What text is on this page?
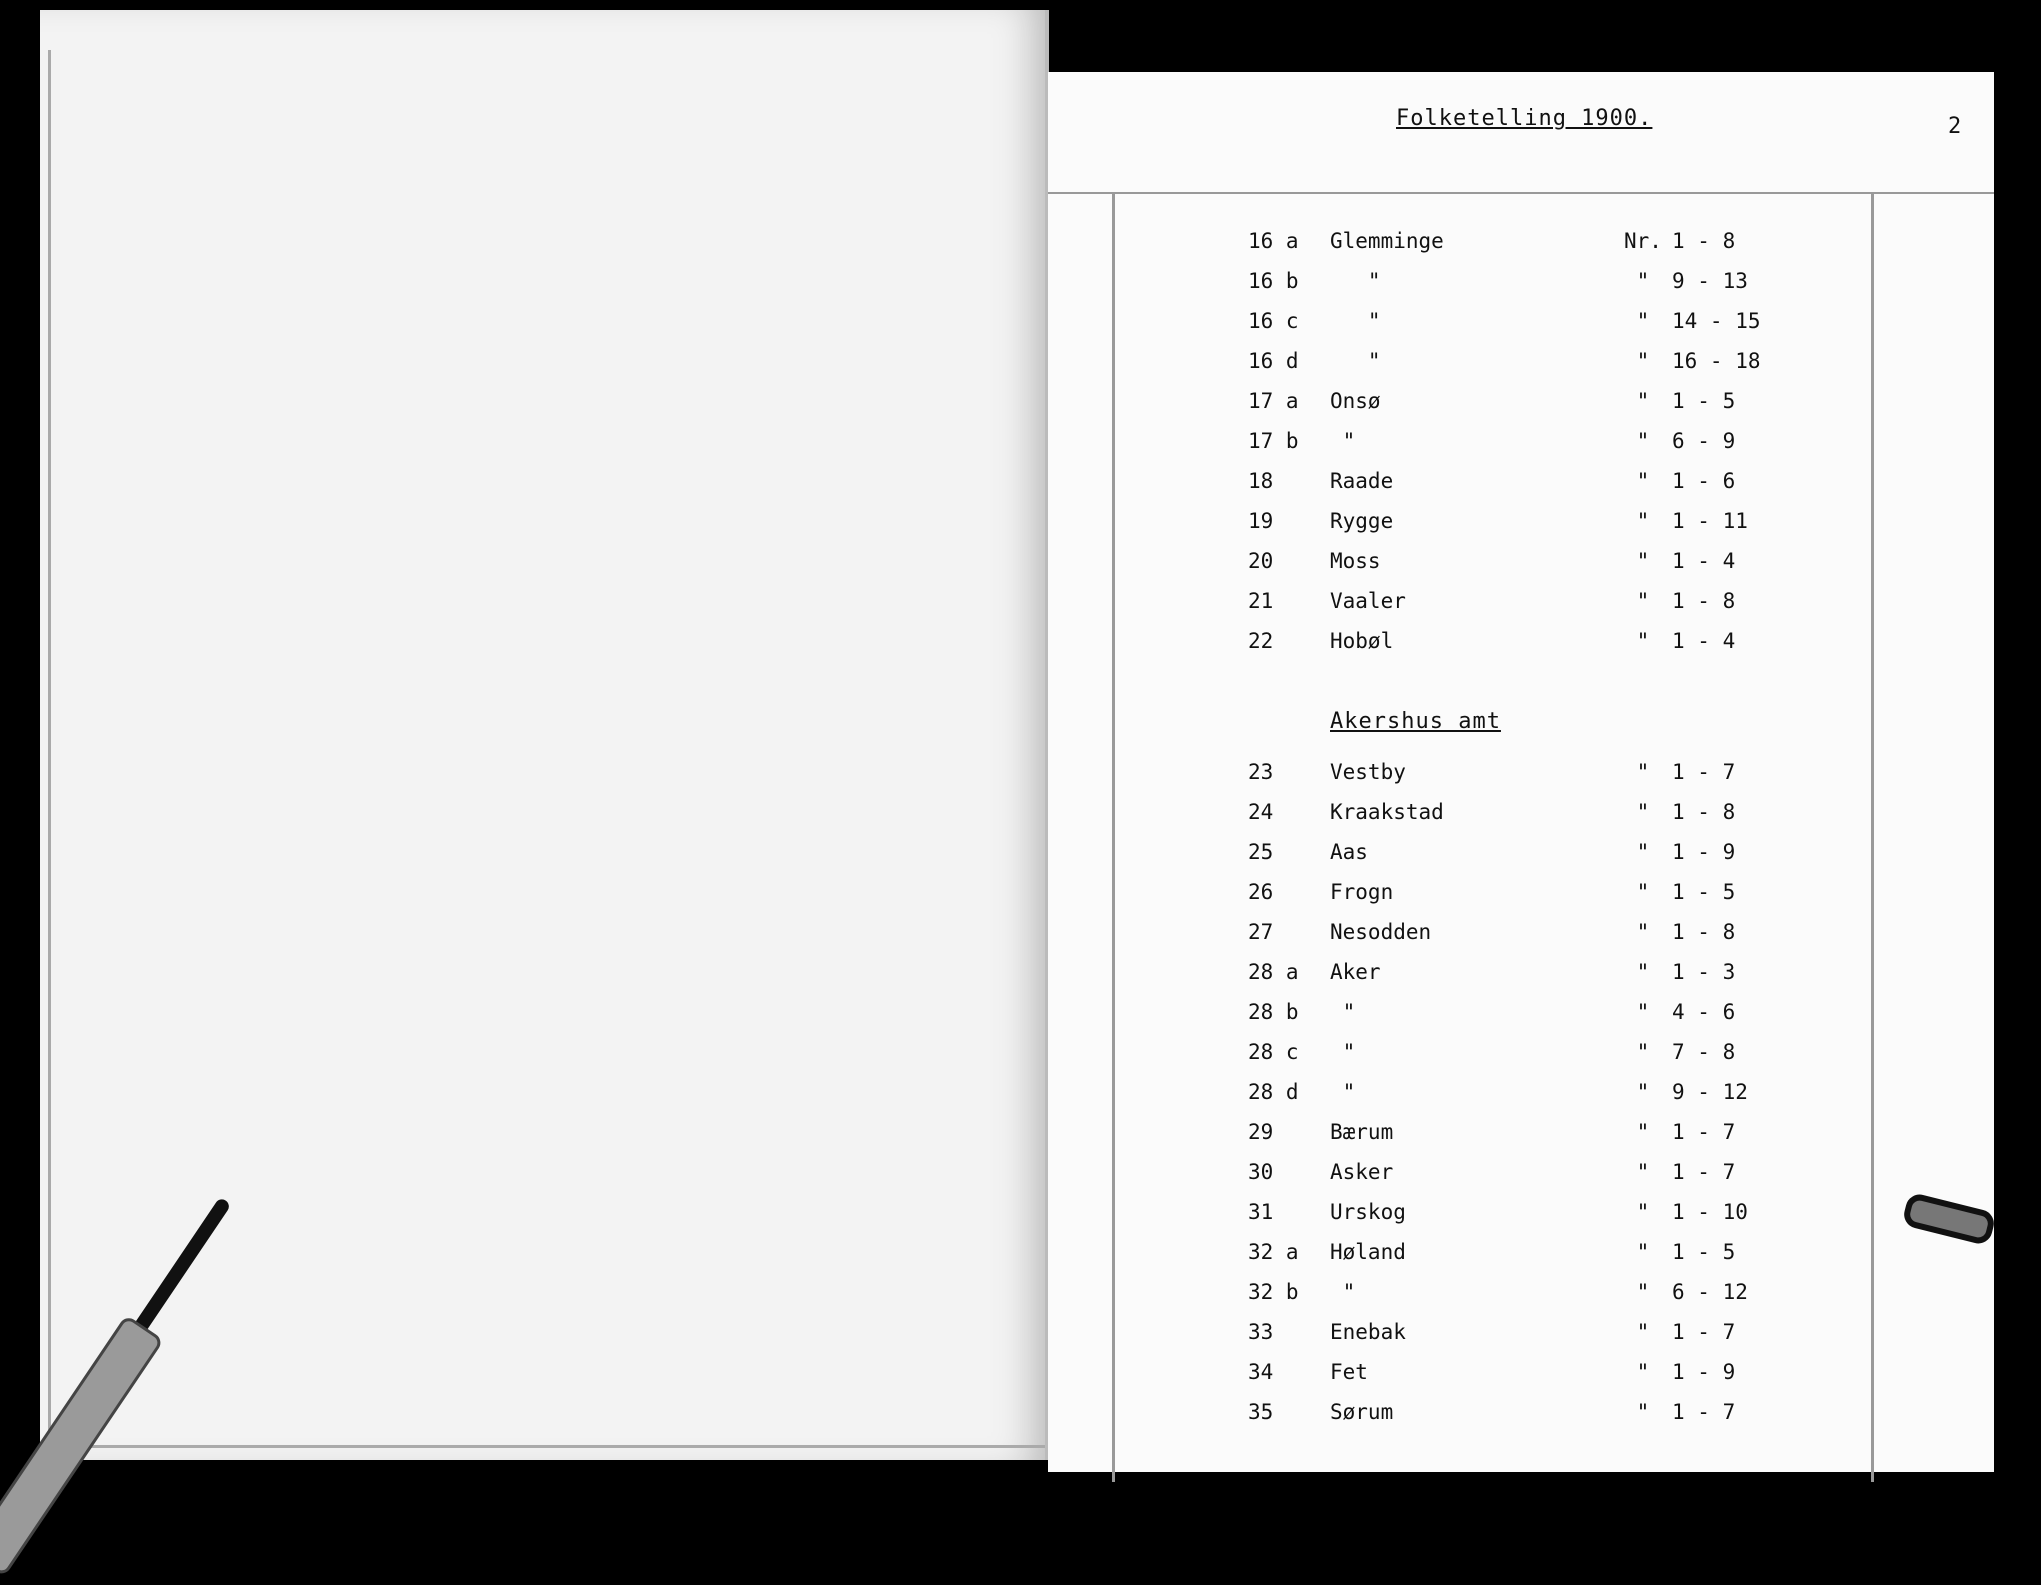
Folketelling 1900.	2
16 a Glemminge	Nr. 1 - 8
16 b "	" 9 - 13
16 c "	" 14 - 15
16 d "	" 16 - 18
17 a Onsø	" 1 - 5
17 b "	" 6 - 9
18	Raade	" 1 - 6
19	Rygge	" 1 - 11
20	Moss	" 1 - 4
21	Vaaler	" 1 - 8
22	Hobøl	" 1 - 4
Akershus amt
23	Vestby	" 1 - 7
24	Kraakstad	" 1 - 8
25	Aas	" 1 - 9
26	Frogn	" 1 - 5
27	Nesodden	" 1 - 8
28 a Aker	" 1 - 3
28 b "	" 4 - 6
28 c "	" 7 - 8
28 d "	" 9 - 12
29	Bærum	" 1 - 7
30	Asker	" 1 - 7
31	Urskog	" 1 - 10
32 a Høland	" 1 - 5
32 b "	" 6 - 12
33	Enebak	" 1 - 7
34	Fet	" 1 - 9
35	Sørum	" 1 - 7
